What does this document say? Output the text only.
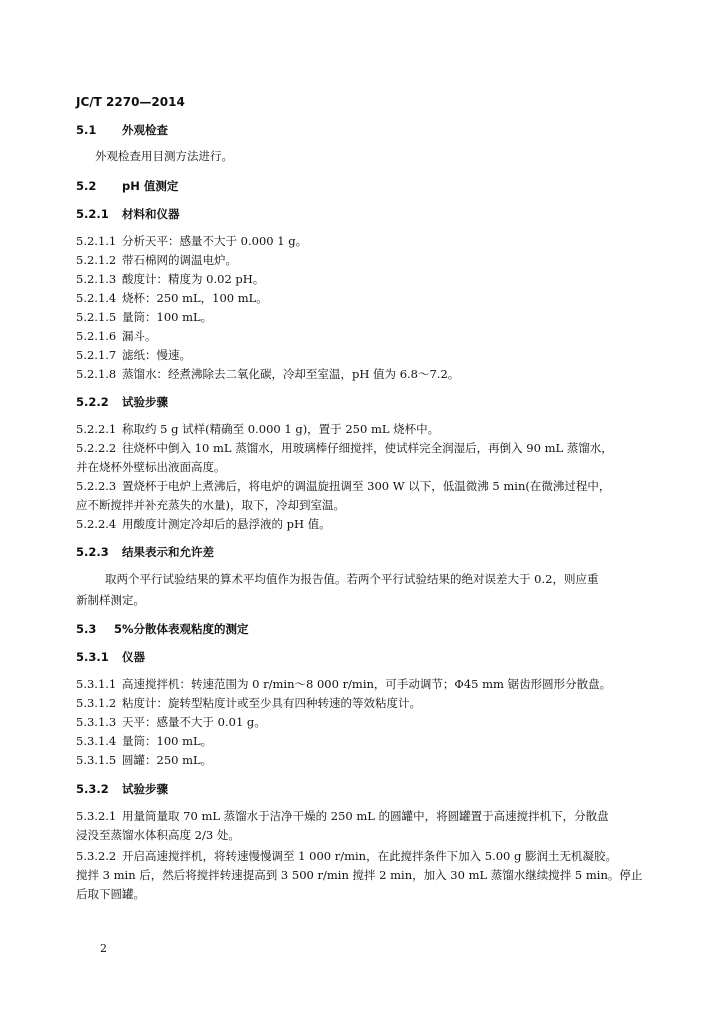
JC/T 2270—2014
5.1 外观检查
外观检查用目测方法进行。
5.2 pH 值测定
5.2.1 材料和仪器
5.2.1.1 分析天平：感量不大于 0.000 1 g。
5.2.1.2 带石棉网的调温电炉。
5.2.1.3 酸度计：精度为 0.02 pH。
5.2.1.4 烧杯：250 mL，100 mL。
5.2.1.5 量筒：100 mL。
5.2.1.6 漏斗。
5.2.1.7 滤纸：慢速。
5.2.1.8 蒸馏水：经煮沸除去二氧化碳，冷却至室温，pH 值为 6.8～7.2。
5.2.2 试验步骤
5.2.2.1 称取约 5 g 试样(精确至 0.000 1 g)，置于 250 mL 烧杯中。
5.2.2.2 往烧杯中倒入 10 mL 蒸馏水，用玻璃棒仔细搅拌，使试样完全润湿后，再倒入 90 mL 蒸馏水，
并在烧杯外壁标出液面高度。
5.2.2.3 置烧杯于电炉上煮沸后，将电炉的调温旋扭调至 300 W 以下，低温微沸 5 min(在微沸过程中，
应不断搅拌并补充蒸失的水量)，取下，冷却到室温。
5.2.2.4 用酸度计测定冷却后的悬浮液的 pH 值。
5.2.3 结果表示和允许差
取两个平行试验结果的算术平均值作为报告值。若两个平行试验结果的绝对误差大于 0.2，则应重
新制样测定。
5.3 5%分散体表观粘度的测定
5.3.1 仪器
5.3.1.1 高速搅拌机：转速范围为 0 r/min～8 000 r/min，可手动调节；Φ45 mm 锯齿形圆形分散盘。
5.3.1.2 粘度计：旋转型粘度计或至少具有四种转速的等效粘度计。
5.3.1.3 天平：感量不大于 0.01 g。
5.3.1.4 量筒：100 mL。
5.3.1.5 圆罐：250 mL。
5.3.2 试验步骤
5.3.2.1 用量筒量取 70 mL 蒸馏水于洁净干燥的 250 mL 的圆罐中，将圆罐置于高速搅拌机下，分散盘
浸没至蒸馏水体积高度 2/3 处。
5.3.2.2 开启高速搅拌机，将转速慢慢调至 1 000 r/min，在此搅拌条件下加入 5.00 g 膨润土无机凝胶。
搅拌 3 min 后，然后将搅拌转速提高到 3 500 r/min 搅拌 2 min，加入 30 mL 蒸馏水继续搅拌 5 min。停止
后取下圆罐。
2
